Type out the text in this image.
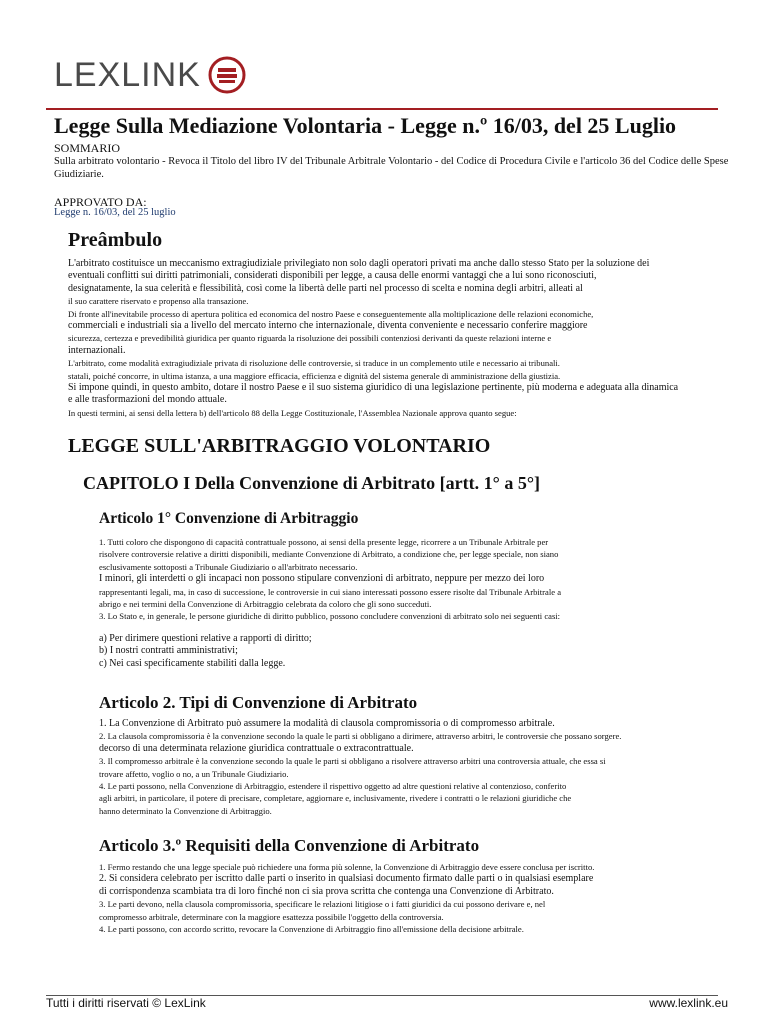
LEXLINK
Legge Sulla Mediazione Volontaria - Legge n.º 16/03, del 25 Luglio
SOMMARIO
Sulla arbitrato volontario - Revoca il Titolo del libro IV del Tribunale Arbitrale Volontario - del Codice di Procedura Civile e l'articolo 36 del Codice delle Spese Giudiziarie.
APPROVATO DA:
Legge n. 16/03, del 25 luglio
Preâmbulo
L'arbitrato costituisce un meccanismo extragiudiziale privilegiato non solo dagli operatori privati ma anche dallo stesso Stato per la soluzione dei
eventuali conflitti sui diritti patrimoniali, considerati disponibili per legge, a causa delle enormi vantaggi che a lui sono riconosciuti,
designatamente, la sua celerità e flessibilità, così come la libertà delle parti nel processo di scelta e nomina degli arbitri, alleati al
il suo carattere riservato e propenso alla transazione.
Di fronte all'inevitabile processo di apertura politica ed economica del nostro Paese e conseguentemente alla moltiplicazione delle relazioni economiche,
commerciali e industriali sia a livello del mercato interno che internazionale, diventa conveniente e necessario conferire maggiore
sicurezza, certezza e prevedibilità giuridica per quanto riguarda la risoluzione dei possibili contenziosi derivanti da queste relazioni interne e
internazionali.
L'arbitrato, come modalità extragiudiziale privata di risoluzione delle controversie, si traduce in un complemento utile e necessario ai tribunali.
statali, poiché concorre, in ultima istanza, a una maggiore efficacia, efficienza e dignità del sistema generale di amministrazione della giustizia.
Si impone quindi, in questo ambito, dotare il nostro Paese e il suo sistema giuridico di una legislazione pertinente, più moderna e adeguata alla dinamica
e alle trasformazioni del mondo attuale.
In questi termini, ai sensi della lettera b) dell'articolo 88 della Legge Costituzionale, l'Assemblea Nazionale approva quanto segue:
LEGGE SULL'ARBITRAGGIO VOLONTARIO
CAPITOLO I Della Convenzione di Arbitrato [artt. 1° a 5°]
Articolo 1° Convenzione di Arbitraggio
1. Tutti coloro che dispongono di capacità contrattuale possono, ai sensi della presente legge, ricorrere a un Tribunale Arbitrale per
risolvere controversie relative a diritti disponibili, mediante Convenzione di Arbitrato, a condizione che, per legge speciale, non siano
esclusivamente sottoposti a Tribunale Giudiziario o all'arbitrato necessario.
I minori, gli interdetti o gli incapaci non possono stipulare convenzioni di arbitrato, neppure per mezzo dei loro
rappresentanti legali, ma, in caso di successione, le controversie in cui siano interessati possono essere risolte dal Tribunale Arbitrale a
abrigo e nei termini della Convenzione di Arbitraggio celebrata da coloro che gli sono succeduti.
3. Lo Stato e, in generale, le persone giuridiche di diritto pubblico, possono concludere convenzioni di arbitrato solo nei seguenti casi:
a) Per dirimere questioni relative a rapporti di diritto;
b) I nostri contratti amministrativi;
c) Nei casi specificamente stabiliti dalla legge.
Articolo 2. Tipi di Convenzione di Arbitrato
1. La Convenzione di Arbitrato può assumere la modalità di clausola compromissoria o di compromesso arbitrale.
2. La clausola compromissoria è la convenzione secondo la quale le parti si obbligano a dirimere, attraverso arbitri, le controversie che possano sorgere.
decorso di una determinata relazione giuridica contrattuale o extracontrattuale.
3. Il compromesso arbitrale è la convenzione secondo la quale le parti si obbligano a risolvere attraverso arbitri una controversia attuale, che essa si
trovare affetto, voglio o no, a un Tribunale Giudiziario.
4. Le parti possono, nella Convenzione di Arbitraggio, estendere il rispettivo oggetto ad altre questioni relative al contenzioso, conferito
agli arbitri, in particolare, il potere di precisare, completare, aggiornare e, inclusivamente, rivedere i contratti o le relazioni giuridiche che
hanno determinato la Convenzione di Arbitraggio.
Articolo 3.º Requisiti della Convenzione di Arbitrato
1. Fermo restando che una legge speciale può richiedere una forma più solenne, la Convenzione di Arbitraggio deve essere conclusa per iscritto.
2. Si considera celebrato per iscritto dalle parti o inserito in qualsiasi documento firmato dalle parti o in qualsiasi esemplare
di corrispondenza scambiata tra di loro finché non ci sia prova scritta che contenga una Convenzione di Arbitrato.
3. Le parti devono, nella clausola compromissoria, specificare le relazioni litigiose o i fatti giuridici da cui possono derivare e, nel
compromesso arbitrale, determinare con la maggiore esattezza possibile l'oggetto della controversia.
4. Le parti possono, con accordo scritto, revocare la Convenzione di Arbitraggio fino all'emissione della decisione arbitrale.
Tutti i diritti riservati © LexLink	www.lexlink.eu
